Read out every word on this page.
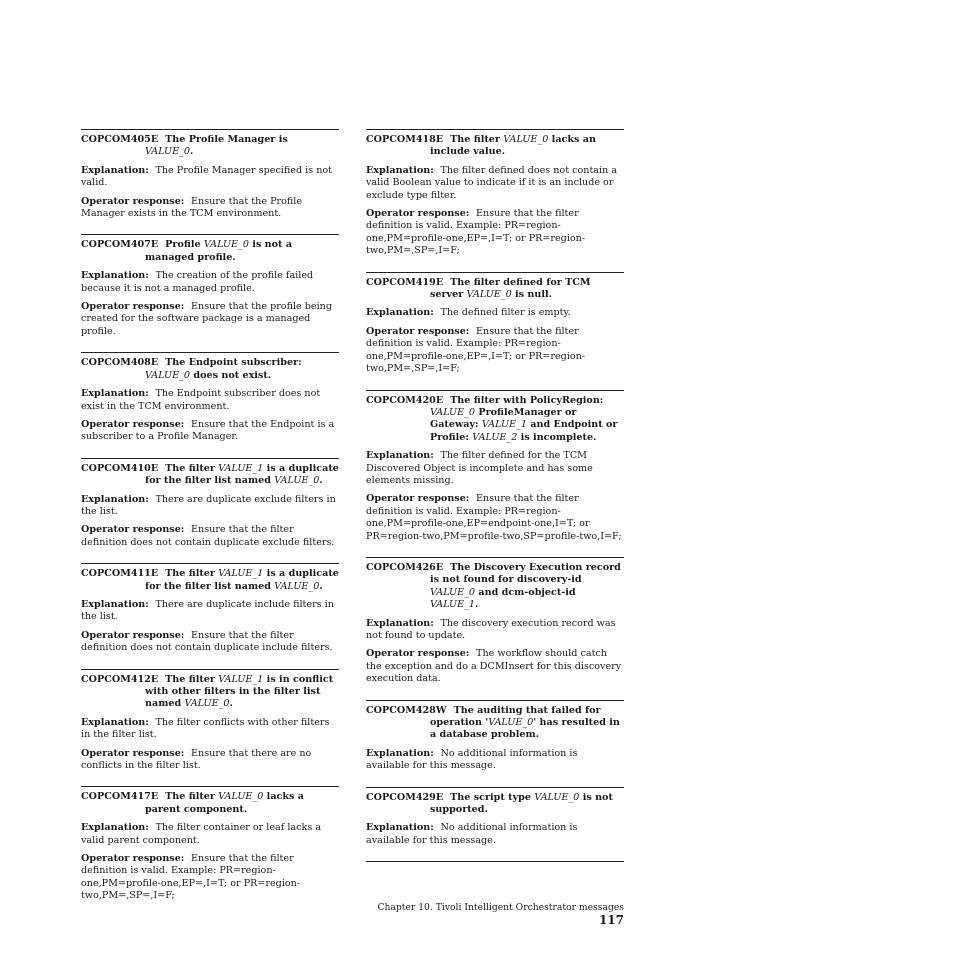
COPCOM405E The Profile Manager is VALUE_0.

Explanation: The Profile Manager specified is not valid.

Operator response: Ensure that the Profile Manager exists in the TCM environment.

COPCOM407E Profile VALUE_0 is not a managed profile.

Explanation: The creation of the profile failed because it is not a managed profile.

Operator response: Ensure that the profile being created for the software package is a managed profile.

COPCOM408E The Endpoint subscriber: VALUE_0 does not exist.

Explanation: The Endpoint subscriber does not exist in the TCM environment.

Operator response: Ensure that the Endpoint is a subscriber to a Profile Manager.

COPCOM410E The filter VALUE_1 is a duplicate for the filter list named VALUE_0.

Explanation: There are duplicate exclude filters in the list.

Operator response: Ensure that the filter definition does not contain duplicate exclude filters.

COPCOM411E The filter VALUE_1 is a duplicate for the filter list named VALUE_0.

Explanation: There are duplicate include filters in the list.

Operator response: Ensure that the filter definition does not contain duplicate include filters.

COPCOM412E The filter VALUE_1 is in conflict with other filters in the filter list named VALUE_0.

Explanation: The filter conflicts with other filters in the filter list.

Operator response: Ensure that there are no conflicts in the filter list.

COPCOM417E The filter VALUE_0 lacks a parent component.

Explanation: The filter container or leaf lacks a valid parent component.

Operator response: Ensure that the filter definition is valid. Example: PR=region-one,PM=profile-one,EP=,I=T; or PR=region-two,PM=,SP=,I=F;

COPCOM418E The filter VALUE_0 lacks an include value.

Explanation: The filter defined does not contain a valid Boolean value to indicate if it is an include or exclude type filter.

Operator response: Ensure that the filter definition is valid. Example: PR=region-one,PM=profile-one,EP=,I=T; or PR=region-two,PM=,SP=,I=F;

COPCOM419E The filter defined for TCM server VALUE_0 is null.

Explanation: The defined filter is empty.

Operator response: Ensure that the filter definition is valid. Example: PR=region-one,PM=profile-one,EP=,I=T; or PR=region-two,PM=,SP=,I=F;

COPCOM420E The filter with PolicyRegion: VALUE_0 ProfileManager or Gateway: VALUE_1 and Endpoint or Profile: VALUE_2 is incomplete.

Explanation: The filter defined for the TCM Discovered Object is incomplete and has some elements missing.

Operator response: Ensure that the filter definition is valid. Example: PR=region-one,PM=profile-one,EP=endpoint-one,I=T; or PR=region-two,PM=profile-two,SP=profile-two,I=F;

COPCOM426E The Discovery Execution record is not found for discovery-id VALUE_0 and dcm-object-id VALUE_1.

Explanation: The discovery execution record was not found to update.

Operator response: The workflow should catch the exception and do a DCMInsert for this discovery execution data.

COPCOM428W The auditing that failed for operation 'VALUE_0' has resulted in a database problem.

Explanation: No additional information is available for this message.

COPCOM429E The script type VALUE_0 is not supported.

Explanation: No additional information is available for this message.

Chapter 10. Tivoli Intelligent Orchestrator messages 117
